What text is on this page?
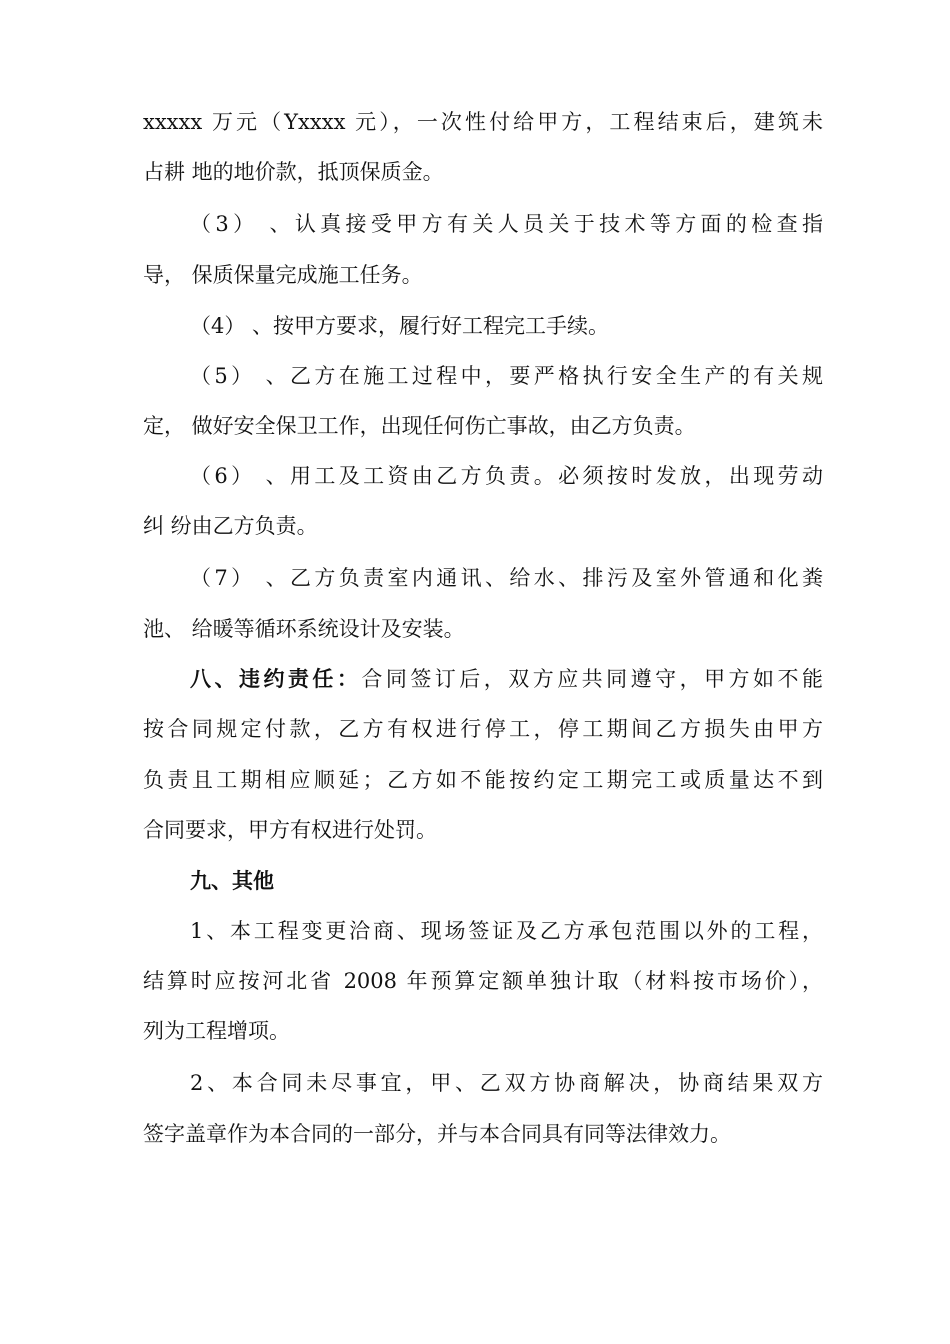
xxxxx 万元（Yxxxx 元），一次性付给甲方，工程结束后，建筑未
占耕 地的地价款，抵顶保质金。
（3） 、认真接受甲方有关人员关于技术等方面的检查指
导， 保质保量完成施工任务。
（4） 、按甲方要求，履行好工程完工手续。
（5） 、乙方在施工过程中，要严格执行安全生产的有关规
定， 做好安全保卫工作，出现任何伤亡事故，由乙方负责。
（6） 、用工及工资由乙方负责。必须按时发放，出现劳动
纠 纷由乙方负责。
（7） 、乙方负责室内通讯、给水、排污及室外管通和化粪
池、 给暖等循环系统设计及安装。
八、违约责任：合同签订后，双方应共同遵守，甲方如不能
按合同规定付款，乙方有权进行停工，停工期间乙方损失由甲方
负责且工期相应顺延；乙方如不能按约定工期完工或质量达不到
合同要求，甲方有权进行处罚。
九、其他
1、本工程变更洽商、现场签证及乙方承包范围以外的工程，
结算时应按河北省 2008 年预算定额单独计取（材料按市场价），
列为工程增项。
2、本合同未尽事宜，甲、乙双方协商解决，协商结果双方
签字盖章作为本合同的一部分，并与本合同具有同等法律效力。
